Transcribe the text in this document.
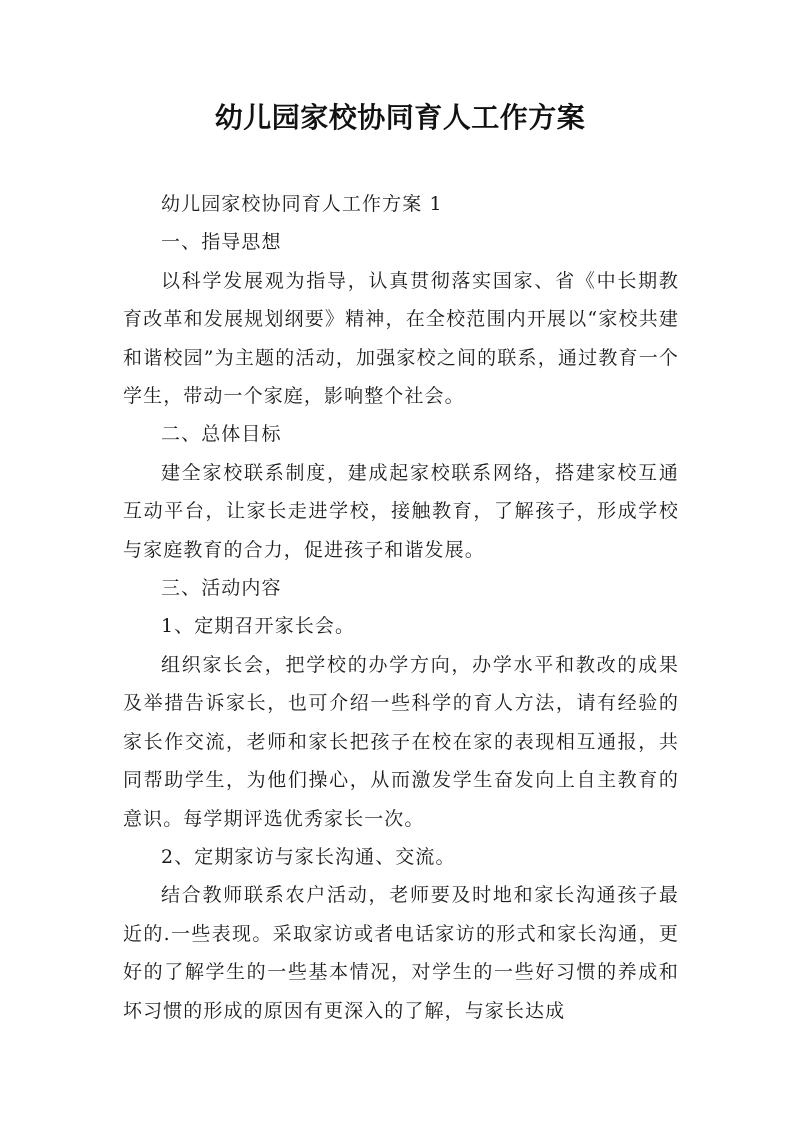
幼儿园家校协同育人工作方案

幼儿园家校协同育人工作方案 1

一、指导思想

以科学发展观为指导，认真贯彻落实国家、省《中长期教育改革和发展规划纲要》精神，在全校范围内开展以“家校共建和谐校园”为主题的活动，加强家校之间的联系，通过教育一个学生，带动一个家庭，影响整个社会。

二、总体目标

建全家校联系制度，建成起家校联系网络，搭建家校互通互动平台，让家长走进学校，接触教育，了解孩子，形成学校与家庭教育的合力，促进孩子和谐发展。

三、活动内容

1、定期召开家长会。

组织家长会，把学校的办学方向，办学水平和教改的成果及举措告诉家长，也可介绍一些科学的育人方法，请有经验的家长作交流，老师和家长把孩子在校在家的表现相互通报，共同帮助学生，为他们操心，从而激发学生奋发向上自主教育的意识。每学期评选优秀家长一次。

2、定期家访与家长沟通、交流。

结合教师联系农户活动，老师要及时地和家长沟通孩子最近的.一些表现。采取家访或者电话家访的形式和家长沟通，更好的了解学生的一些基本情况，对学生的一些好习惯的养成和坏习惯的形成的原因有更深入的了解，与家长达成
